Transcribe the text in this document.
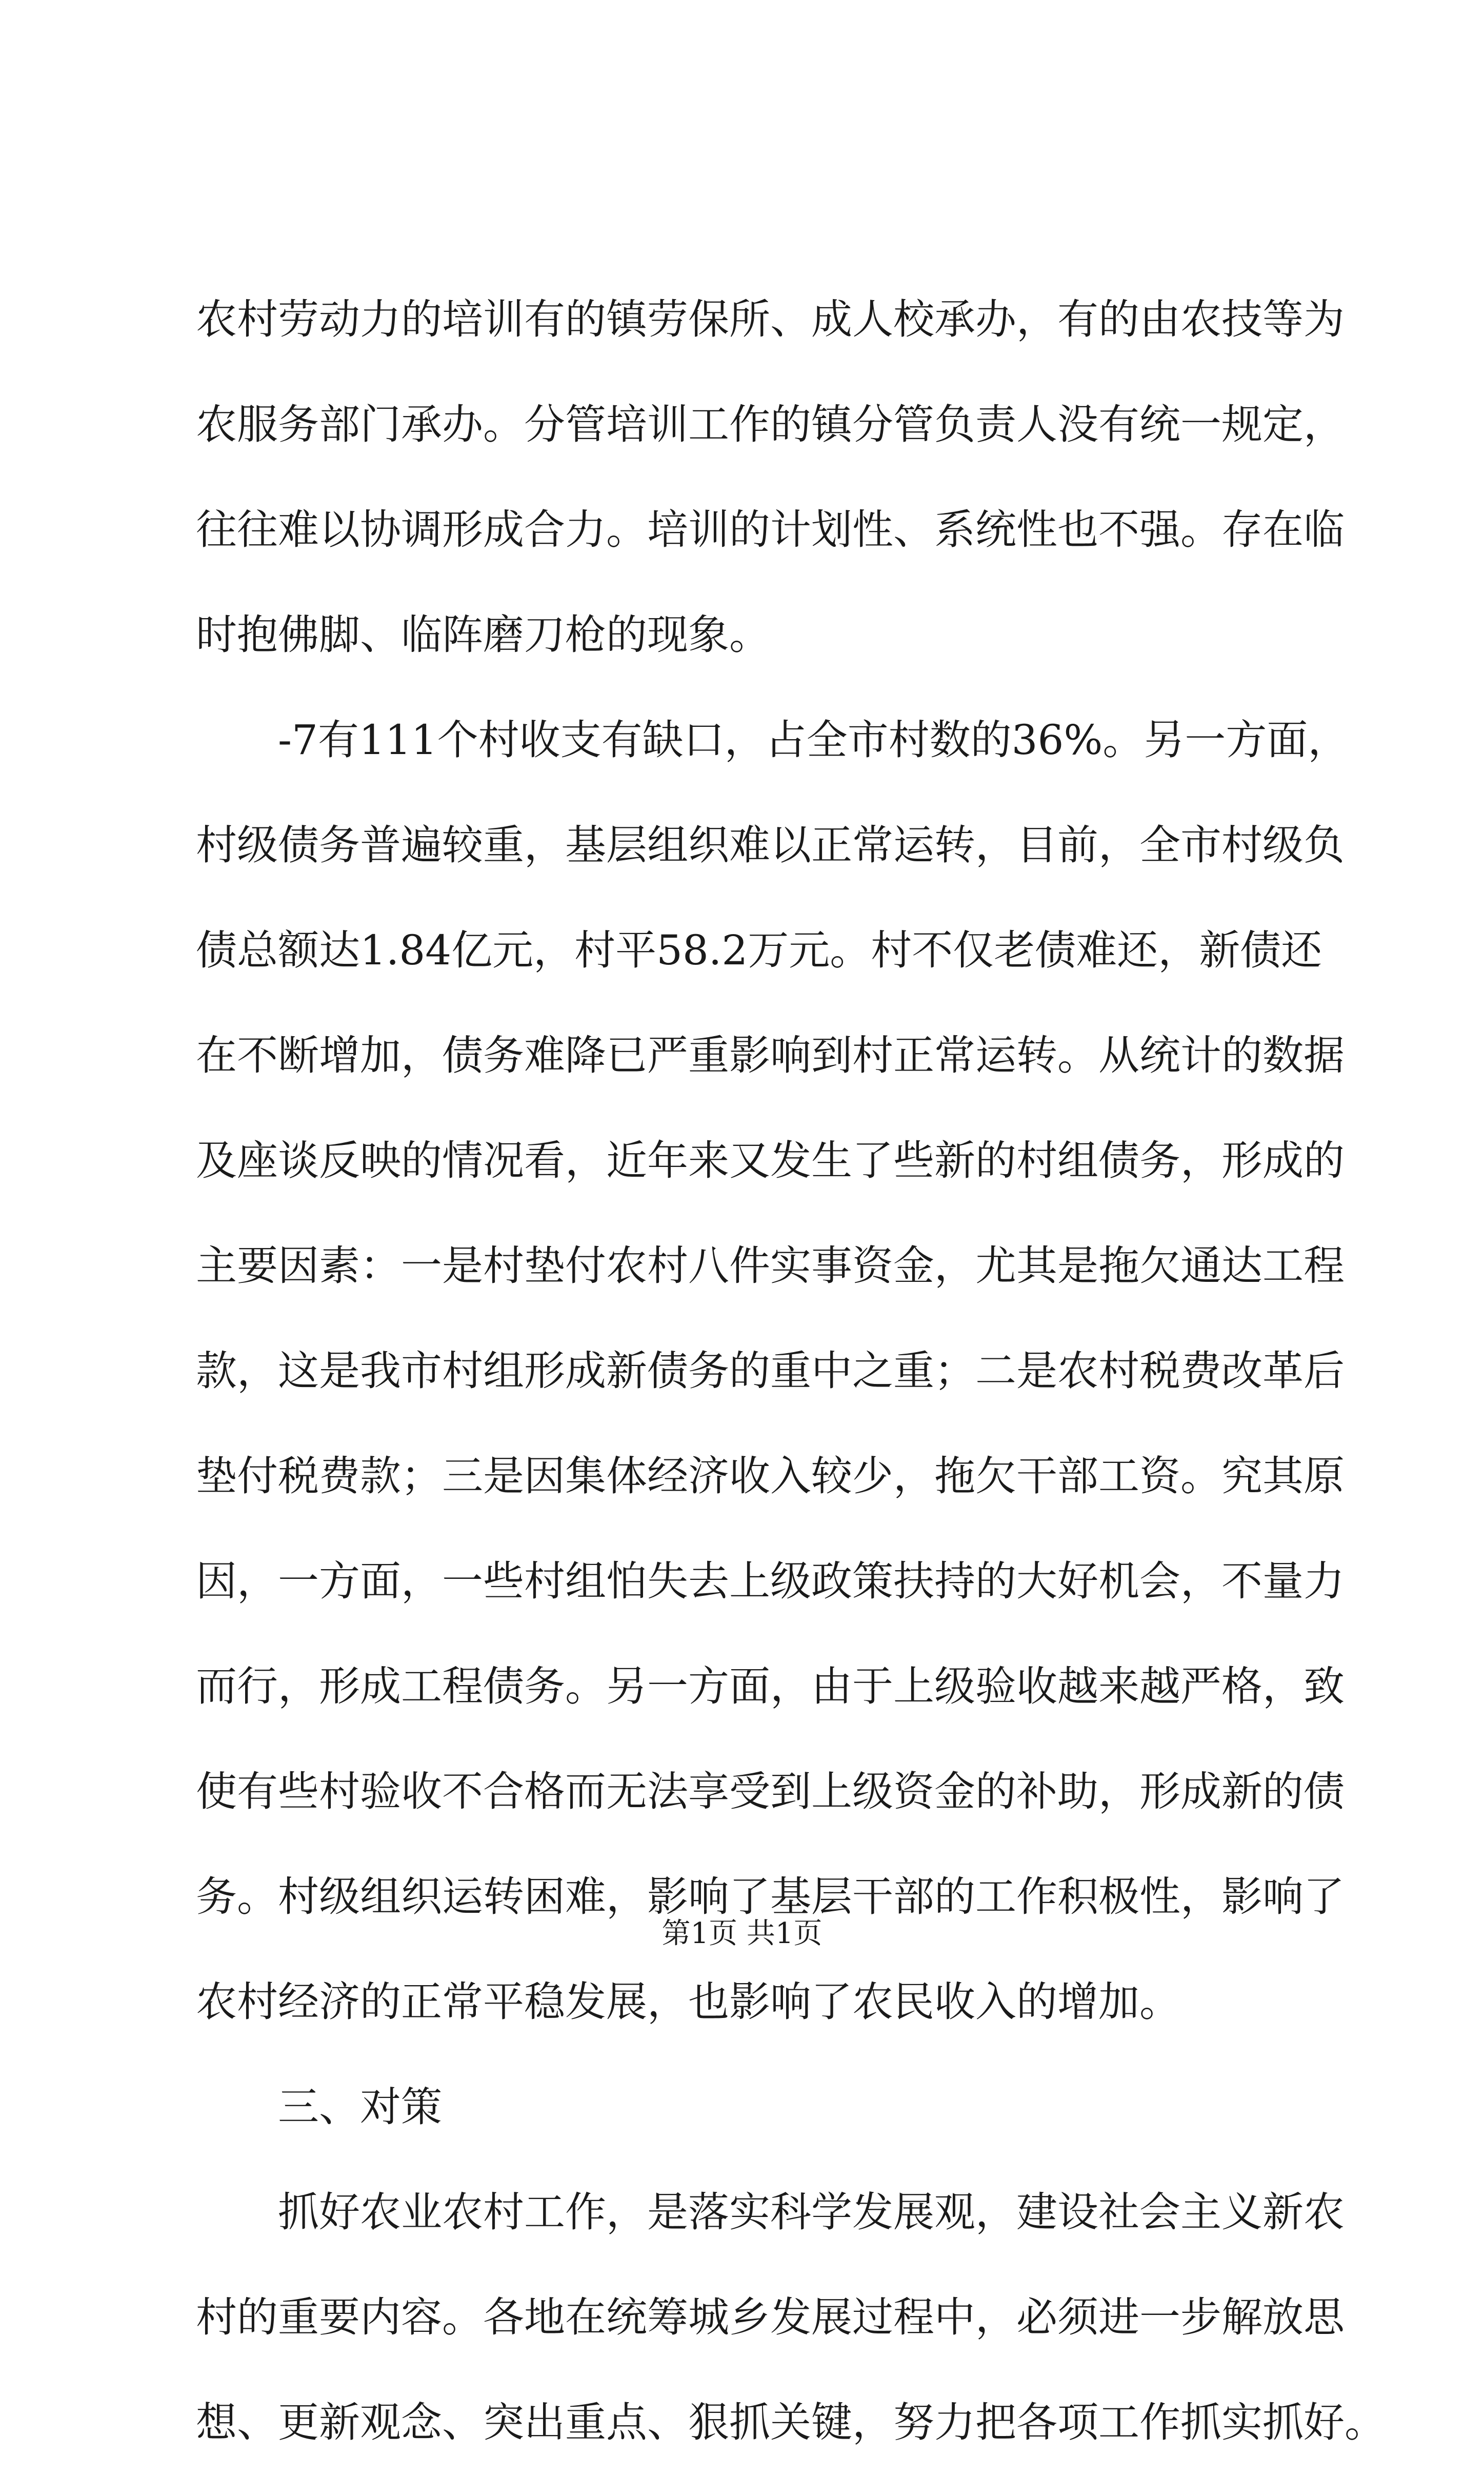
农村劳动力的培训有的镇劳保所、成人校承办，有的由农技等为
农服务部门承办。分管培训工作的镇分管负责人没有统一规定，
往往难以协调形成合力。培训的计划性、系统性也不强。存在临
时抱佛脚、临阵磨刀枪的现象。
-7有111个村收支有缺口，占全市村数的36%。另一方面，
村级债务普遍较重，基层组织难以正常运转，目前，全市村级负
债总额达1.84亿元，村平58.2万元。村不仅老债难还，新债还
在不断增加，债务难降已严重影响到村正常运转。从统计的数据
及座谈反映的情况看，近年来又发生了些新的村组债务，形成的
主要因素：一是村垫付农村八件实事资金，尤其是拖欠通达工程
款，这是我市村组形成新债务的重中之重；二是农村税费改革后
垫付税费款；三是因集体经济收入较少，拖欠干部工资。究其原
因，一方面，一些村组怕失去上级政策扶持的大好机会，不量力
而行，形成工程债务。另一方面，由于上级验收越来越严格，致
使有些村验收不合格而无法享受到上级资金的补助，形成新的债
务。村级组织运转困难，影响了基层干部的工作积极性，影响了
农村经济的正常平稳发展，也影响了农民收入的增加。
三、对策
抓好农业农村工作，是落实科学发展观，建设社会主义新农
村的重要内容。各地在统筹城乡发展过程中，必须进一步解放思
想、更新观念、突出重点、狠抓关键，努力把各项工作抓实抓好。
第1页 共1页
